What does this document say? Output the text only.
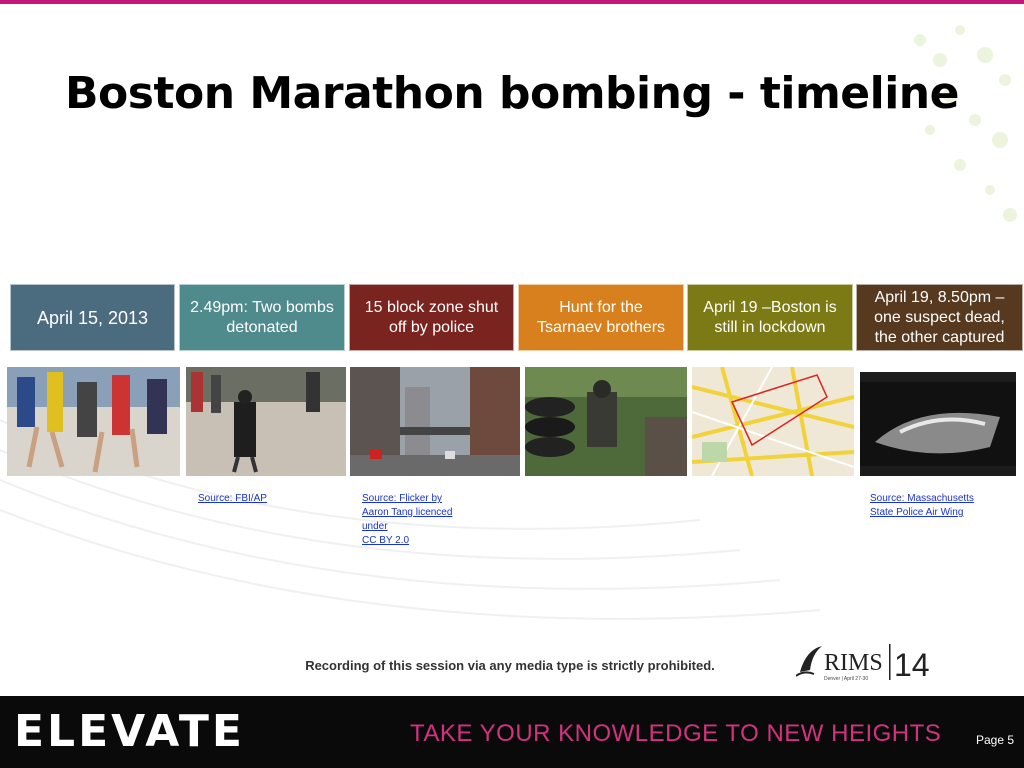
Boston Marathon bombing - timeline
April 15, 2013
2.49pm: Two bombs detonated
15 block zone shut off by police
Hunt for the Tsarnaev brothers
April 19 –Boston is still in lockdown
April 19, 8.50pm – one suspect dead, the other captured
Source: FBI/AP	Source: Flicker by
Aaron Tang licenced
under
CC BY 2.0
Source: Massachusetts
State Police Air Wing
Recording of this session via any media type is strictly prohibited.	RIMS
Denver | April 27-30 14
ELEVATE	TAKE YOUR KNOWLEDGE TO NEW HEIGHTS	Page 5
